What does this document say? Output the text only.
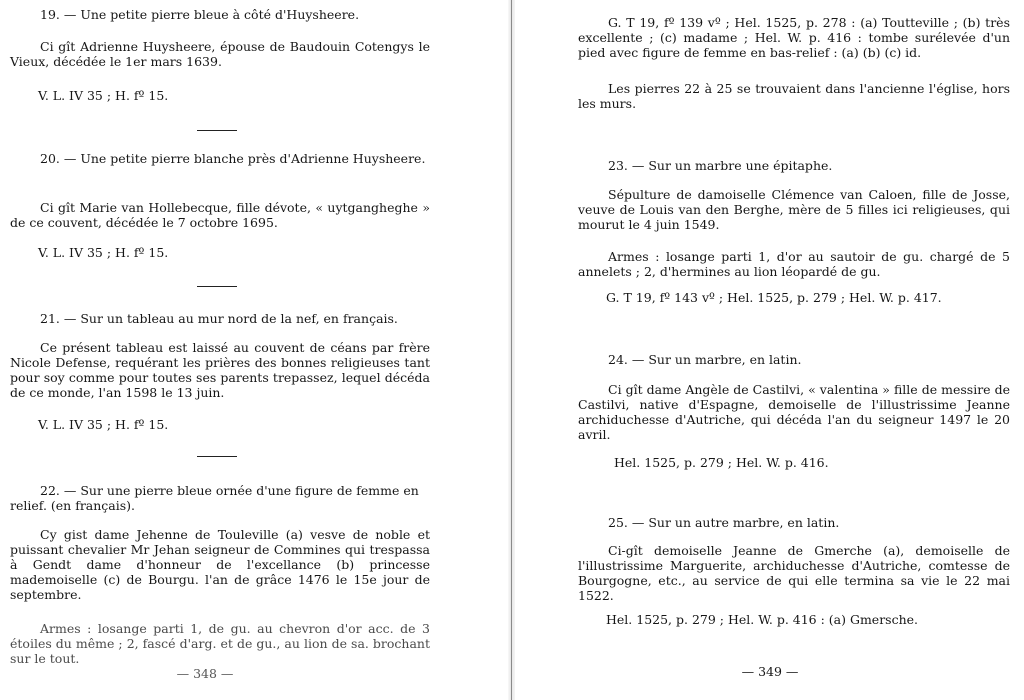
19. — Une petite pierre bleue à côté d'Huysheere.

Ci gît Adrienne Huysheere, épouse de Baudouin Cotengys le Vieux, décédée le 1er mars 1639.

V. L. IV 35 ; H. fº 15.

20. — Une petite pierre blanche près d'Adrienne Huysheere.

Ci gît Marie van Hollebecque, fille dévote, « uytgangheghe » de ce couvent, décédée le 7 octobre 1695.

V. L. IV 35 ; H. fº 15.

21. — Sur un tableau au mur nord de la nef, en français.

Ce présent tableau est laissé au couvent de céans par frère Nicole Defense, requérant les prières des bonnes religieuses tant pour soy comme pour toutes ses parents trepassez, lequel décéda de ce monde, l'an 1598 le 13 juin.

V. L. IV 35 ; H. fº 15.

22. — Sur une pierre bleue ornée d'une figure de femme en relief. (en français).

Cy gist dame Jehenne de Touleville (a) vesve de noble et puissant chevalier Mr Jehan seigneur de Commines qui trespassa à Gendt dame d'honneur de l'excellance (b) princesse mademoiselle (c) de Bourgu. l'an de grâce 1476 le 15e jour de septembre.

Armes : losange parti 1, de gu. au chevron d'or acc. de 3 étoiles du même ; 2, fascé d'arg. et de gu., au lion de sa. brochant sur le tout.

— 348 —

G. T 19, fº 139 vº ; Hel. 1525, p. 278 : (a) Toutteville ; (b) très excellente ; (c) madame ; Hel. W. p. 416 : tombe surélevée d'un pied avec figure de femme en bas-relief : (a) (b) (c) id.

Les pierres 22 à 25 se trouvaient dans l'ancienne l'église, hors les murs.

23. — Sur un marbre une épitaphe.

Sépulture de damoiselle Clémence van Caloen, fille de Josse, veuve de Louis van den Berghe, mère de 5 filles ici religieuses, qui mourut le 4 juin 1549.

Armes : losange parti 1, d'or au sautoir de gu. chargé de 5 annelets ; 2, d'hermines au lion léopardé de gu.

G. T 19, fº 143 vº ; Hel. 1525, p. 279 ; Hel. W. p. 417.

24. — Sur un marbre, en latin.

Ci gît dame Angèle de Castilvi, « valentina » fille de messire de Castilvi, native d'Espagne, demoiselle de l'illustrissime Jeanne archiduchesse d'Autriche, qui décéda l'an du seigneur 1497 le 20 avril.

Hel. 1525, p. 279 ; Hel. W. p. 416.

25. — Sur un autre marbre, en latin.

Ci-gît demoiselle Jeanne de Gmerche (a), demoiselle de l'illustrissime Marguerite, archiduchesse d'Autriche, comtesse de Bourgogne, etc., au service de qui elle termina sa vie le 22 mai 1522.

Hel. 1525, p. 279 ; Hel. W. p. 416 : (a) Gmersche.

— 349 —
